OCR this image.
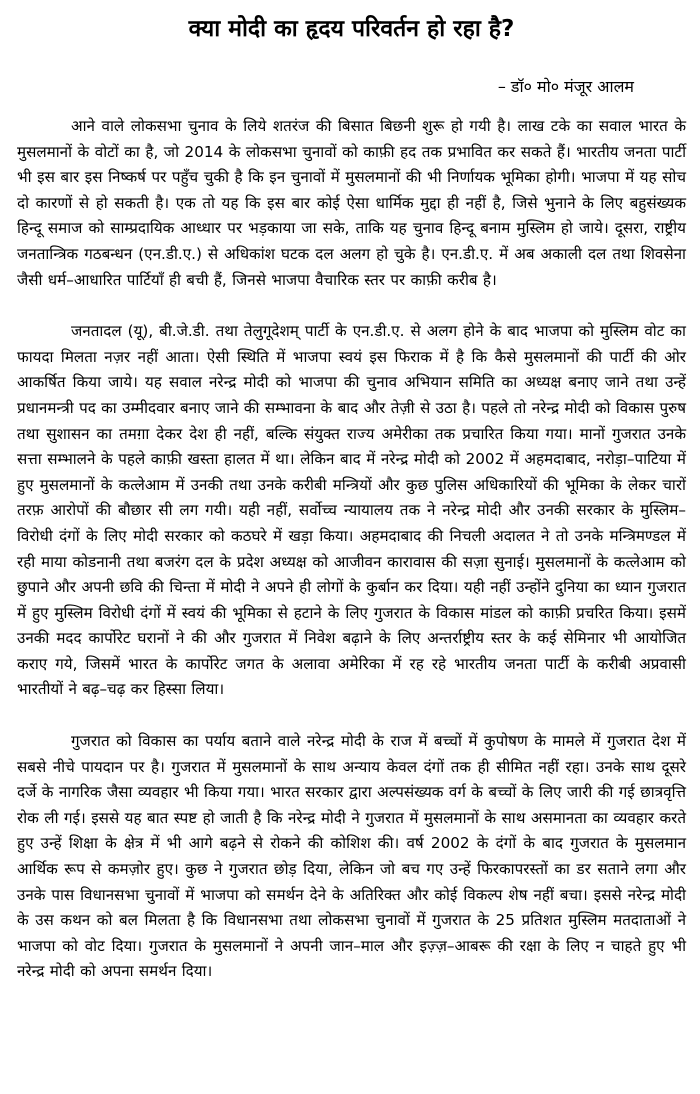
क्या मोदी का हृदय परिवर्तन हो रहा है?
– डॉ० मो० मंजूर आलम

आने वाले लोकसभा चुनाव के लिये शतरंज की बिसात बिछनी शुरू हो गयी है। लाख टके का सवाल भारत के मुसलमानों के वोटों का है, जो 2014 के लोकसभा चुनावों को काफ़ी हद तक प्रभावित कर सकते हैं। भारतीय जनता पार्टी भी इस बार इस निष्कर्ष पर पहुँच चुकी है कि इन चुनावों में मुसलमानों की भी निर्णायक भूमिका होगी। भाजपा में यह सोच दो कारणों से हो सकती है। एक तो यह कि इस बार कोई ऐसा धार्मिक मुद्दा ही नहीं है, जिसे भुनाने के लिए बहुसंख्यक हिन्दू समाज को साम्प्रदायिक आध्धार पर भड़काया जा सके, ताकि यह चुनाव हिन्दू बनाम मुस्लिम हो जाये। दूसरा, राष्ट्रीय जनतान्त्रिक गठबन्धन (एन.डी.ए.) से अधिकांश घटक दल अलग हो चुके है। एन.डी.ए. में अब अकाली दल तथा शिवसेना जैसी धर्म–आधारित पार्टियाँ ही बची हैं, जिनसे भाजपा वैचारिक स्तर पर काफ़ी करीब है।

जनतादल (यू), बी.जे.डी. तथा तेलुगूदेशम् पार्टी के एन.डी.ए. से अलग होने के बाद भाजपा को मुस्लिम वोट का फायदा मिलता नज़र नहीं आता। ऐसी स्थिति में भाजपा स्वयं इस फिराक में है कि कैसे मुसलमानों की पार्टी की ओर आकर्षित किया जाये। यह सवाल नरेन्द्र मोदी को भाजपा की चुनाव अभियान समिति का अध्यक्ष बनाए जाने तथा उन्हें प्रधानमन्त्री पद का उम्मीदवार बनाए जाने की सम्भावना के बाद और तेज़ी से उठा है। पहले तो नरेन्द्र मोदी को विकास पुरुष तथा सुशासन का तमग़ा देकर देश ही नहीं, बल्कि संयुक्त राज्य अमेरीका तक प्रचारित किया गया। मानों गुजरात उनके सत्ता सम्भालने के पहले काफ़ी खस्ता हालत में था। लेकिन बाद में नरेन्द्र मोदी को 2002 में अहमदाबाद, नरोड़ा–पाटिया में हुए मुसलमानों के कत्लेआम में उनकी तथा उनके करीबी मन्त्रियों और कुछ पुलिस अधिकारियों की भूमिका के लेकर चारों तरफ़ आरोपों की बौछार सी लग गयी। यही नहीं, सर्वोच्च न्यायालय तक ने नरेन्द्र मोदी और उनकी सरकार के मुस्लिम–विरोधी दंगों के लिए मोदी सरकार को कठघरे में खड़ा किया। अहमदाबाद की निचली अदालत ने तो उनके मन्त्रिमण्डल में रही माया कोडनानी तथा बजरंग दल के प्रदेश अध्यक्ष को आजीवन कारावास की सज़ा सुनाई। मुसलमानों के कत्लेआम को छुपाने और अपनी छवि की चिन्ता में मोदी ने अपने ही लोगों के कुर्बान कर दिया। यही नहीं उन्होंने दुनिया का ध्यान गुजरात में हुए मुस्लिम विरोधी दंगों में स्वयं की भूमिका से हटाने के लिए गुजरात के विकास मांडल को काफ़ी प्रचरित किया। इसमें उनकी मदद कार्पोरेट घरानों ने की और गुजरात में निवेश बढ़ाने के लिए अन्तर्राष्ट्रीय स्तर के कई सेमिनार भी आयोजित कराए गये, जिसमें भारत के कार्पोरेट जगत के अलावा अमेरिका में रह रहे भारतीय जनता पार्टी के करीबी अप्रवासी भारतीयों ने बढ़–चढ़ कर हिस्सा लिया।

गुजरात को विकास का पर्याय बताने वाले नरेन्द्र मोदी के राज में बच्चों में कुपोषण के मामले में गुजरात देश में सबसे नीचे पायदान पर है। गुजरात में मुसलमानों के साथ अन्याय केवल दंगों तक ही सीमित नहीं रहा। उनके साथ दूसरे दर्जे के नागरिक जैसा व्यवहार भी किया गया। भारत सरकार द्वारा अल्पसंख्यक वर्ग के बच्चों के लिए जारी की गई छात्रवृत्ति रोक ली गई। इससे यह बात स्पष्ट हो जाती है कि नरेन्द्र मोदी ने गुजरात में मुसलमानों के साथ असमानता का व्यवहार करते हुए उन्हें शिक्षा के क्षेत्र में भी आगे बढ़ने से रोकने की कोशिश की। वर्ष 2002 के दंगों के बाद गुजरात के मुसलमान आर्थिक रूप से कमज़ोर हुए। कुछ ने गुजरात छोड़ दिया, लेकिन जो बच गए उन्हें फिरकापरस्तों का डर सताने लगा और उनके पास विधानसभा चुनावों में भाजपा को समर्थन देने के अतिरिक्त और कोई विकल्प शेष नहीं बचा। इससे नरेन्द्र मोदी के उस कथन को बल मिलता है कि विधानसभा तथा लोकसभा चुनावों में गुजरात के 25 प्रतिशत मुस्लिम मतदाताओं ने भाजपा को वोट दिया। गुजरात के मुसलमानों ने अपनी जान–माल और इज़्ज़–आबरू की रक्षा के लिए न चाहते हुए भी नरेन्द्र मोदी को अपना समर्थन दिया।
